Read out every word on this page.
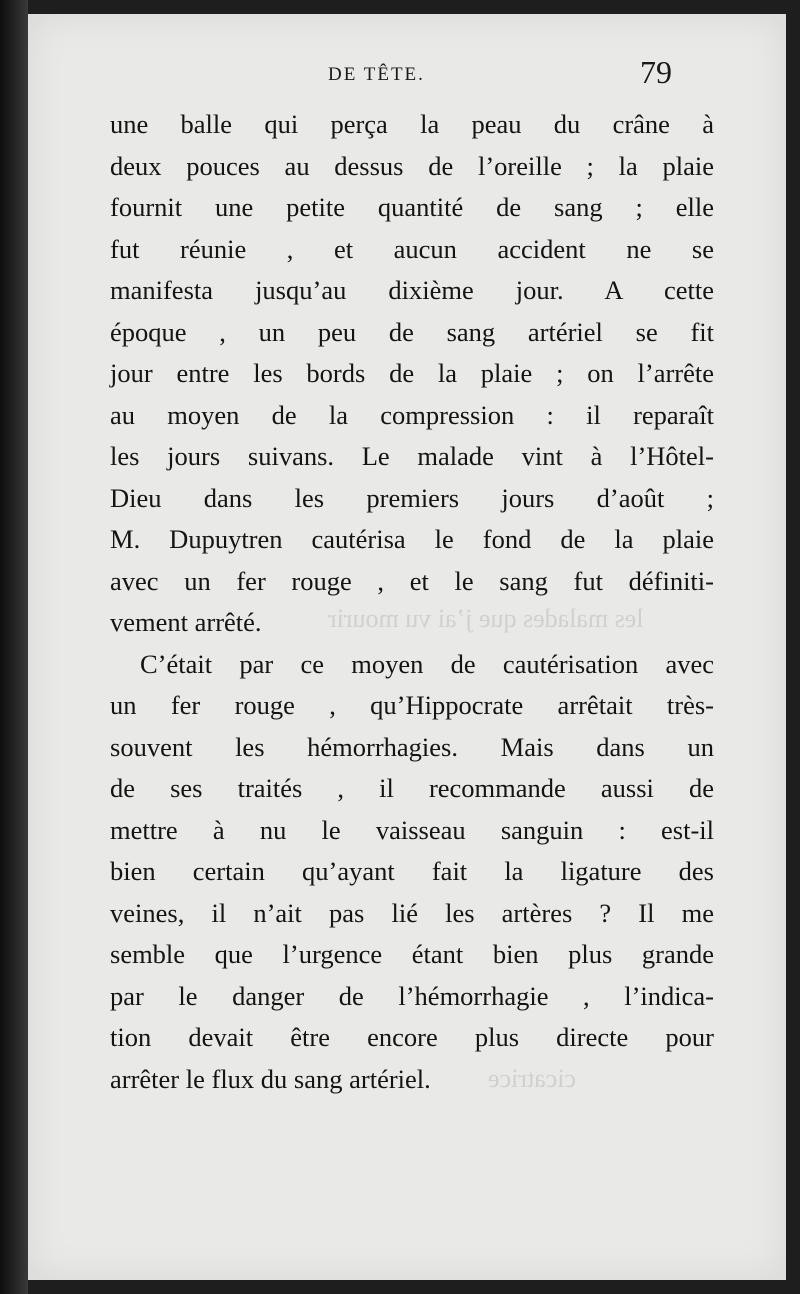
les malades que j’ai vu mourir
cicatrice
DE TÊTE.	79
une balle qui perça la peau du crâne à
deux pouces au dessus de l’oreille ; la plaie
fournit une petite quantité de sang ; elle
fut réunie , et aucun accident ne se
manifesta jusqu’au dixième jour. A cette
époque , un peu de sang artériel se fit
jour entre les bords de la plaie ; on l’arrête
au moyen de la compression : il reparaît
les jours suivans. Le malade vint à l’Hôtel-
Dieu dans les premiers jours d’août ;
M. Dupuytren cautérisa le fond de la plaie
avec un fer rouge , et le sang fut définiti-
vement arrêté.
C’était par ce moyen de cautérisation avec
un fer rouge , qu’Hippocrate arrêtait très-
souvent les hémorrhagies. Mais dans un
de ses traités , il recommande aussi de
mettre à nu le vaisseau sanguin : est-il
bien certain qu’ayant fait la ligature des
veines, il n’ait pas lié les artères ? Il me
semble que l’urgence étant bien plus grande
par le danger de l’hémorrhagie , l’indica-
tion devait être encore plus directe pour
arrêter le flux du sang artériel.
